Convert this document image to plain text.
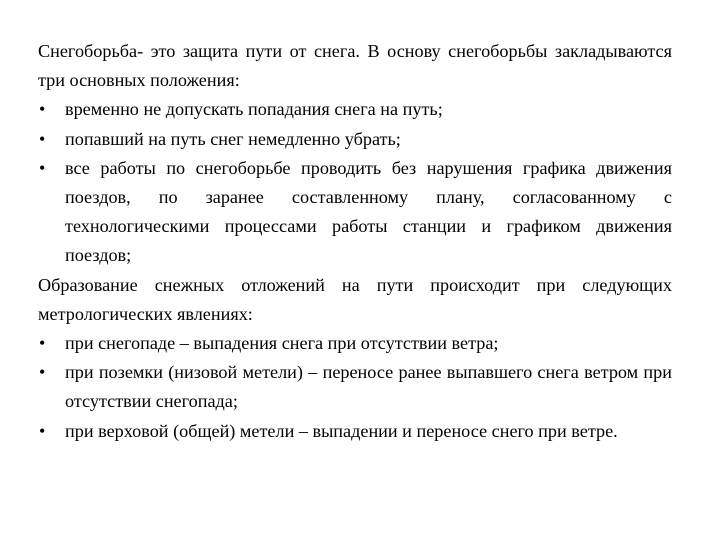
Снегоборьба- это защита пути от снега. В основу снегоборьбы закладываются три основных положения:

• временно не допускать попадания снега на путь;
• попавший на путь снег немедленно убрать;
• все работы по снегоборьбе проводить без нарушения графика движения поездов, по заранее составленному плану, согласованному с технологическими процессами работы станции и графиком движения поездов;

Образование снежных отложений на пути происходит при следующих метрологических явлениях:

• при снегопаде – выпадения снега при отсутствии ветра;
• при поземки (низовой метели) – переносе ранее выпавшего снега ветром при отсутствии снегопада;
• при верховой (общей) метели – выпадении и переносе снего при ветре.
